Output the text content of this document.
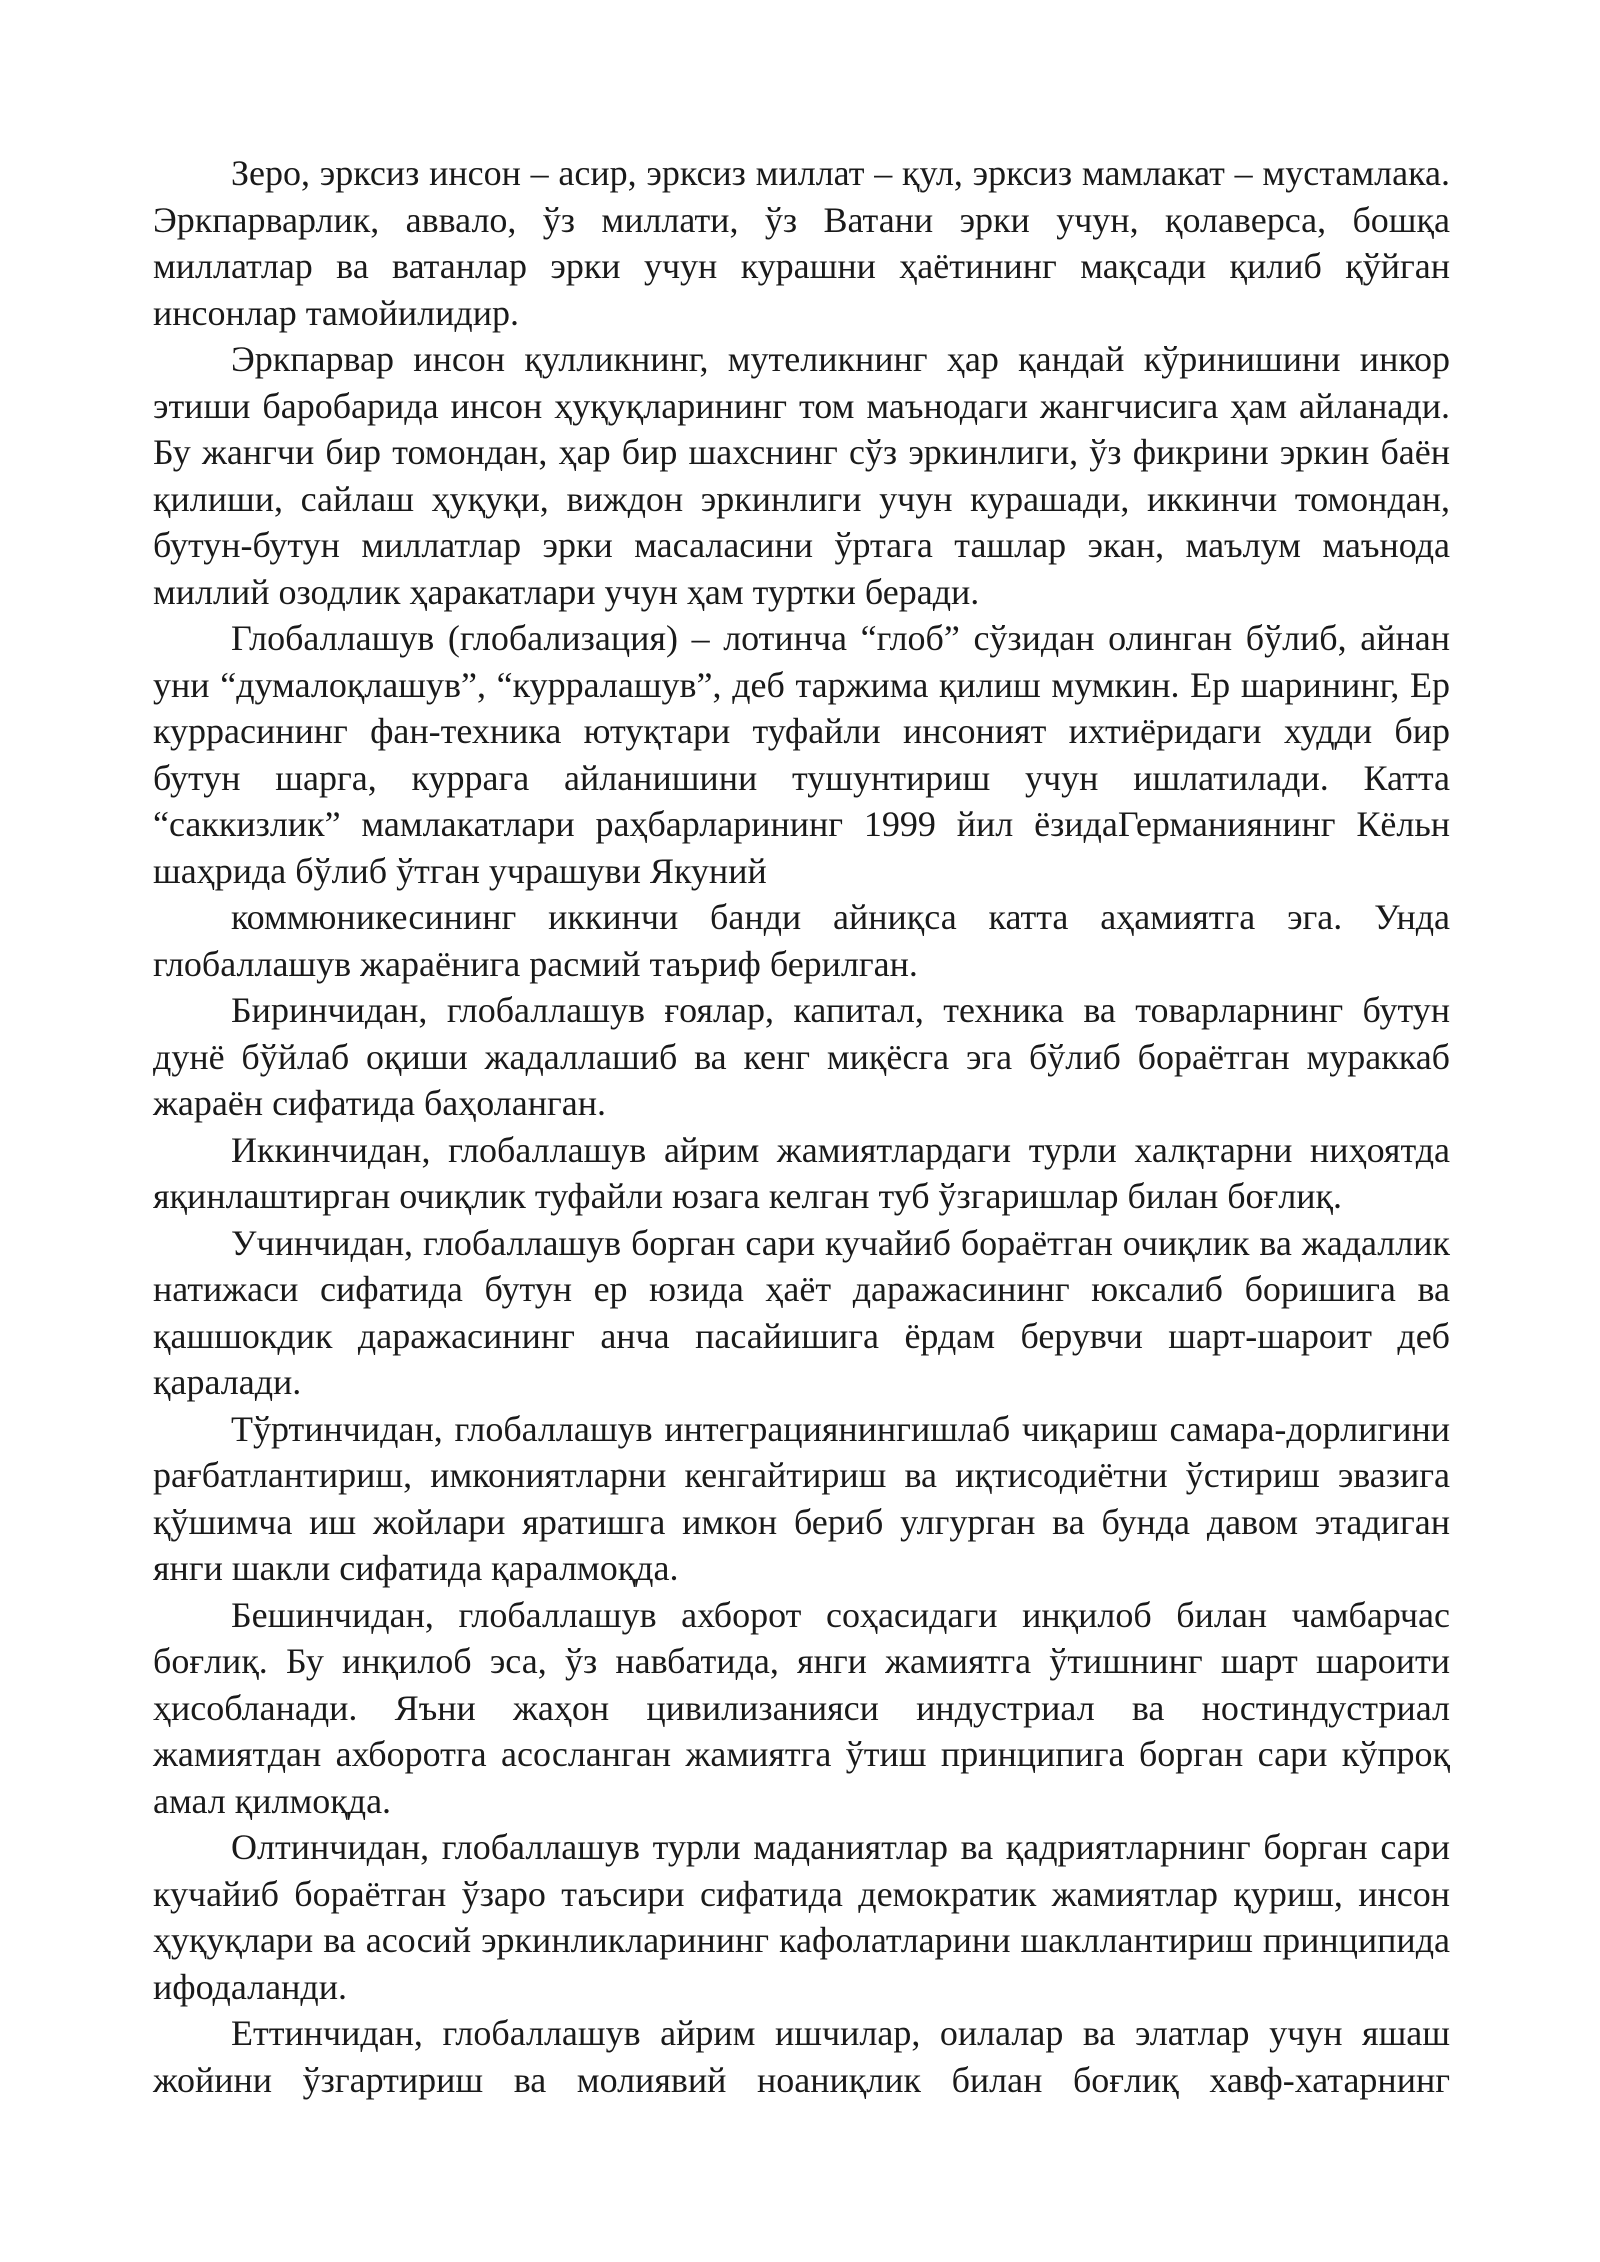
Зеро, эрксиз инсон – асир, эрксиз миллат – қул, эрксиз мамлакат – мустамлака. Эркпарварлик, аввало, ўз миллати, ўз Ватани эрки учун, қолаверса, бошқа миллатлар ва ватанлар эрки учун курашни ҳаётининг мақсади қилиб қўйган инсонлар тамойилидир.

Эркпарвар инсон қулликнинг, мутеликнинг ҳар қандай кўринишини инкор этиши баробарида инсон ҳуқуқларининг том маънодаги жангчисига ҳам айланади. Бу жангчи бир томондан, ҳар бир шахснинг сўз эркинлиги, ўз фикрини эркин баён қилиши, сайлаш ҳуқуқи, виждон эркинлиги учун курашади, иккинчи томондан, бутун-бутун миллатлар эрки масаласини ўртага ташлар экан, маълум маънода миллий озодлик ҳаракатлари учун ҳам туртки беради.

Глобаллашув (глобализация) – лотинча “глоб” сўзидан олинган бўлиб, айнан уни “думалоқлашув”, “курралашув”, деб таржима қилиш мумкин. Ер шарининг, Ер куррасининг фан-техника ютуқтари туфайли инсоният ихтиёридаги худди бир бутун шарга, куррага айланишини тушунтириш учун ишлатилади. Катта “саккизлик” мамлакатлари раҳбарларининг 1999 йил ёзидаГерманиянинг Кёльн шаҳрида бўлиб ўтган учрашуви Якуний

коммюникесининг иккинчи банди айниқса катта аҳамиятга эга. Унда глобаллашув жараёнига расмий таъриф берилган.

Биринчидан, глобаллашув ғоялар, капитал, техника ва товарларнинг бутун дунё бўйлаб оқиши жадаллашиб ва кенг миқёсга эга бўлиб бораётган мураккаб жараён сифатида баҳоланган.

Иккинчидан, глобаллашув айрим жамиятлардаги турли халқтарни ниҳоятда яқинлаштирган очиқлик туфайли юзага келган туб ўзгаришлар билан боғлиқ.

Учинчидан, глобаллашув борган сари кучайиб бораётган очиқлик ва жадаллик натижаси сифатида бутун ер юзида ҳаёт даражасининг юксалиб боришига ва қашшокдик даражасининг анча пасайишига ёрдам берувчи шарт-шароит деб қаралади.

Тўртинчидан, глобаллашув интеграциянингишлаб чиқариш самара-дорлигини рағбатлантириш, имкониятларни кенгайтириш ва иқтисодиётни ўстириш эвазига қўшимча иш жойлари яратишга имкон бериб улгурган ва бунда давом этадиган янги шакли сифатида қаралмоқда.

Бешинчидан, глобаллашув ахборот соҳасидаги инқилоб билан чамбарчас боғлиқ. Бу инқилоб эса, ўз навбатида, янги жамиятга ўтишнинг шарт шароити ҳисобланади. Яъни жаҳон цивилизанияси индустриал ва ностиндустриал жамиятдан ахборотга асосланган жамиятга ўтиш принципига борган сари кўпроқ амал қилмоқда.

Олтинчидан, глобаллашув турли маданиятлар ва қадриятларнинг борган сари кучайиб бораётган ўзаро таъсири сифатида демократик жамиятлар қуриш, инсон ҳуқуқлари ва асосий эркинликларининг кафолатларини шакллантириш принципида ифодаланди.

Еттинчидан, глобаллашув айрим ишчилар, оилалар ва элатлар учун яшаш жойини ўзгартириш ва молиявий ноаниқлик билан боғлиқ хавф-хатарнинг
